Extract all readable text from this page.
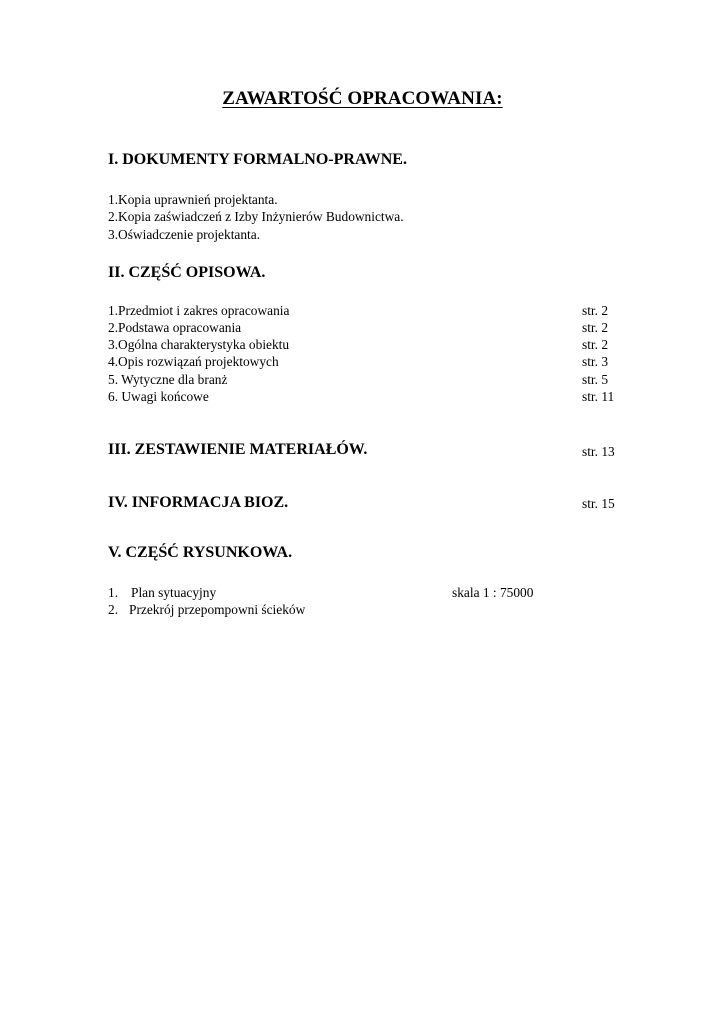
ZAWARTOŚĆ OPRACOWANIA:
I. DOKUMENTY FORMALNO-PRAWNE.
1.Kopia uprawnień projektanta.
2.Kopia zaświadczeń z Izby Inżynierów Budownictwa.
3.Oświadczenie projektanta.
II. CZĘŚĆ OPISOWA.
1.Przedmiot i zakres opracowania	str. 2
2.Podstawa opracowania	str. 2
3.Ogólna charakterystyka obiektu	str. 2
4.Opis rozwiązań projektowych	str. 3
5. Wytyczne dla branż	str. 5
6. Uwagi końcowe	str. 11
III. ZESTAWIENIE MATERIAŁÓW.	str. 13
IV. INFORMACJA BIOZ.	str. 15
V. CZĘŚĆ RYSUNKOWA.
1. Plan sytuacyjny	skala 1 : 75000
2. Przekrój przepompowni ścieków
